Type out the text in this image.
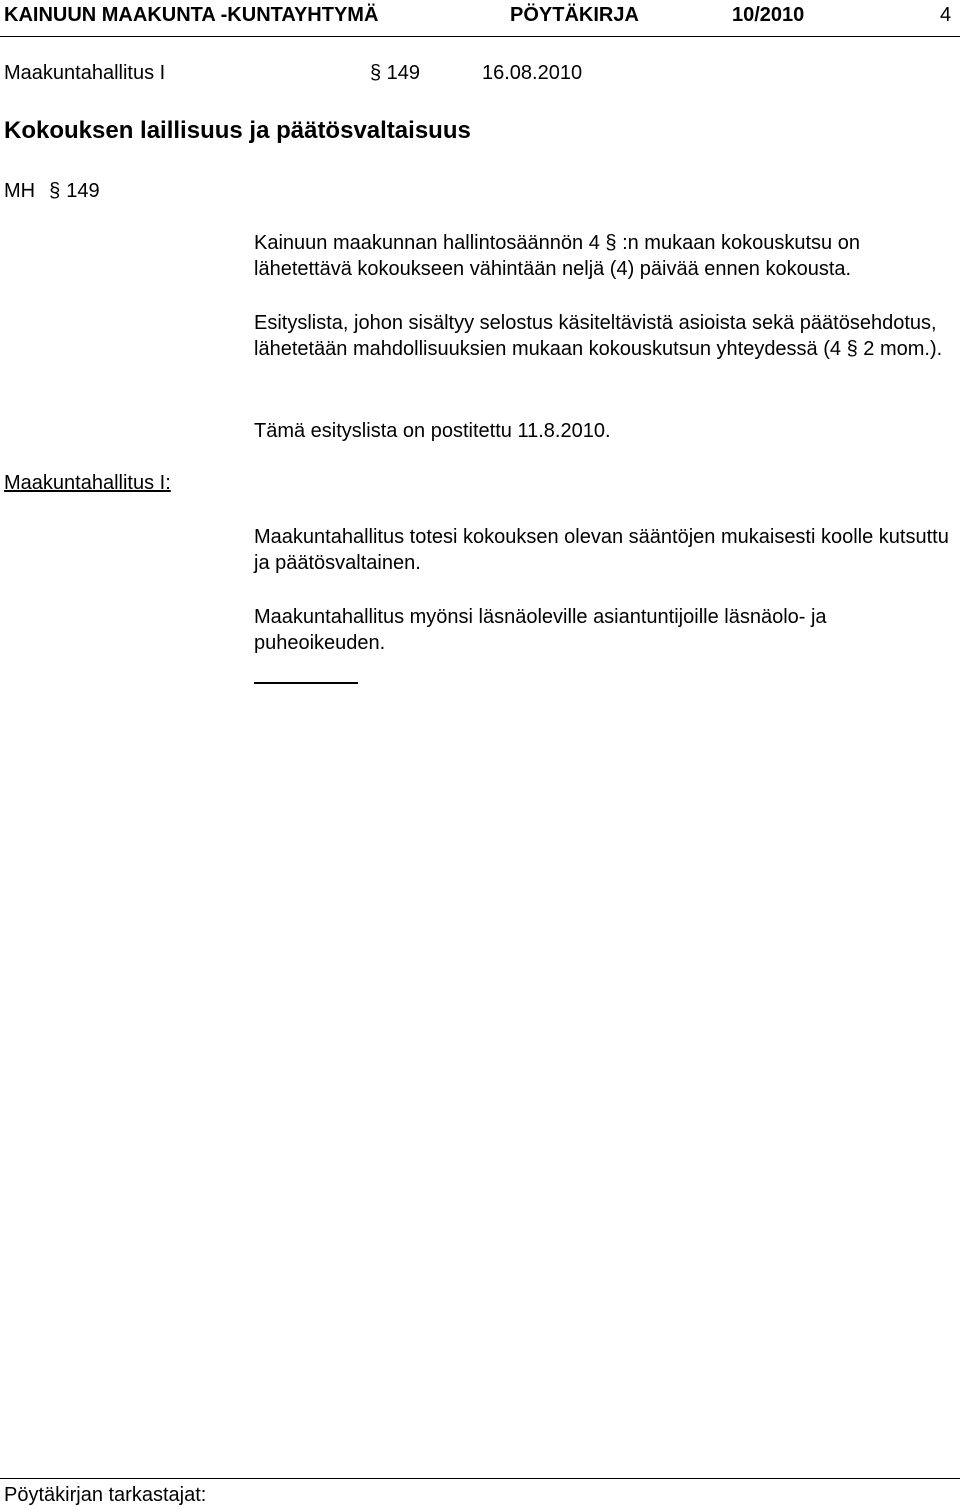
KAINUUN MAAKUNTA -KUNTAYHTYMÄ	PÖYTÄKIRJA	10/2010	4
Maakuntahallitus I	§ 149	16.08.2010
Kokouksen laillisuus ja päätösvaltaisuus
MH § 149
Kainuun maakunnan hallintosäännön 4 § :n mukaan kokouskutsu on lähetettävä kokoukseen vähintään neljä (4) päivää ennen kokousta.
Esityslista, johon sisältyy selostus käsiteltävistä asioista sekä päätösehdotus, lähetetään mahdollisuuksien mukaan kokouskutsun yhteydessä (4 § 2 mom.).
Tämä esityslista on postitettu 11.8.2010.
Maakuntahallitus I:
Maakuntahallitus totesi kokouksen olevan sääntöjen mukaisesti koolle kutsuttu ja päätösvaltainen.
Maakuntahallitus myönsi läsnäoleville asiantuntijoille läsnäolo- ja puheoikeuden.
Pöytäkirjan tarkastajat:
